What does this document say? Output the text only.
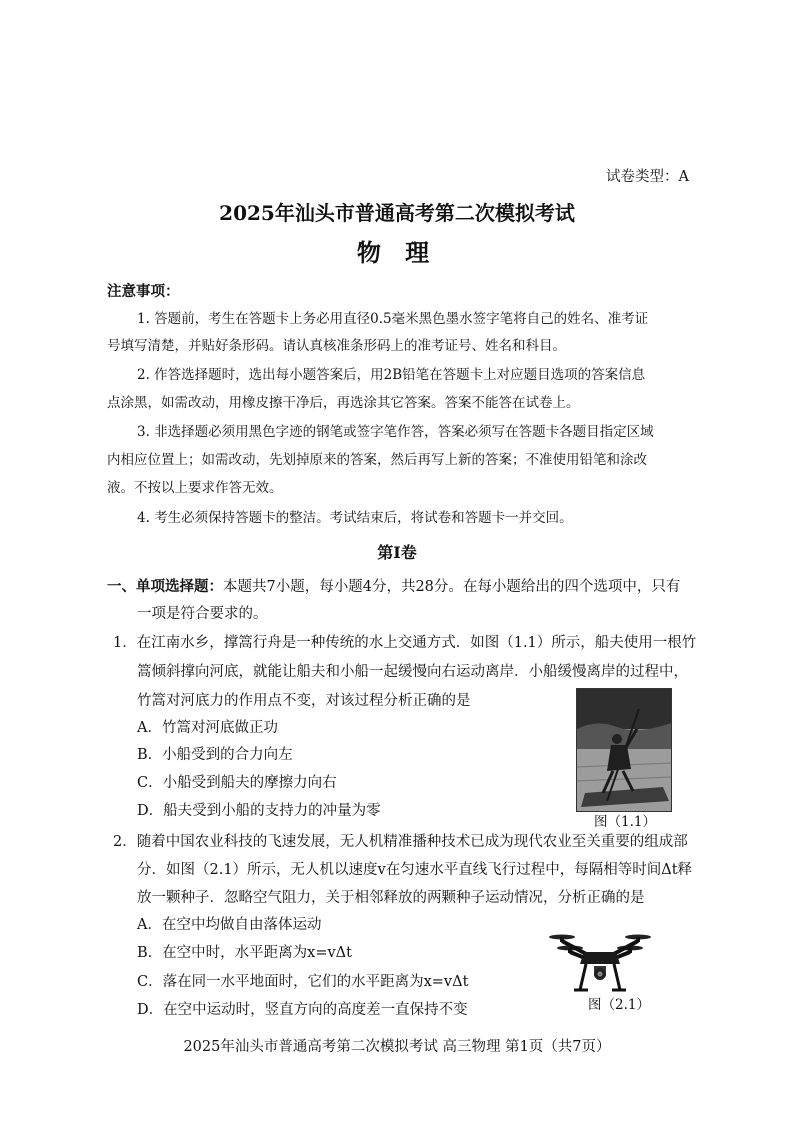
试卷类型：A
2025年汕头市普通高考第二次模拟考试
物 理
注意事项：
1. 答题前，考生在答题卡上务必用直径0.5毫米黑色墨水签字笔将自己的姓名、准考证
号填写清楚，并贴好条形码。请认真核准条形码上的准考证号、姓名和科目。
2. 作答选择题时，选出每小题答案后，用2B铅笔在答题卡上对应题目选项的答案信息
点涂黑，如需改动，用橡皮擦干净后，再选涂其它答案。答案不能答在试卷上。
3. 非选择题必须用黑色字迹的钢笔或签字笔作答，答案必须写在答题卡各题目指定区域
内相应位置上；如需改动，先划掉原来的答案，然后再写上新的答案；不准使用铅笔和涂改
液。不按以上要求作答无效。
4. 考生必须保持答题卡的整洁。考试结束后，将试卷和答题卡一并交回。
第Ⅰ卷
一、单项选择题：本题共7小题，每小题4分，共28分。在每小题给出的四个选项中，只有
一项是符合要求的。
1．在江南水乡，撑篙行舟是一种传统的水上交通方式．如图（1.1）所示，船夫使用一根竹
篙倾斜撑向河底，就能让船夫和小船一起缓慢向右运动离岸．小船缓慢离岸的过程中，
竹篙对河底力的作用点不变，对该过程分析正确的是
A．竹篙对河底做正功
B．小船受到的合力向左
C．小船受到船夫的摩擦力向右
D．船夫受到小船的支持力的冲量为零
图（1.1）
2．随着中国农业科技的飞速发展，无人机精准播种技术已成为现代农业至关重要的组成部
分．如图（2.1）所示，无人机以速度v在匀速水平直线飞行过程中，每隔相等时间Δt释
放一颗种子．忽略空气阻力，关于相邻释放的两颗种子运动情况，分析正确的是
A．在空中均做自由落体运动
B．在空中时，水平距离为x=vΔt
C．落在同一水平地面时，它们的水平距离为x=vΔt
D．在空中运动时，竖直方向的高度差一直保持不变	图（2.1）
2025年汕头市普通高考第二次模拟考试 高三物理 第1页（共7页）
